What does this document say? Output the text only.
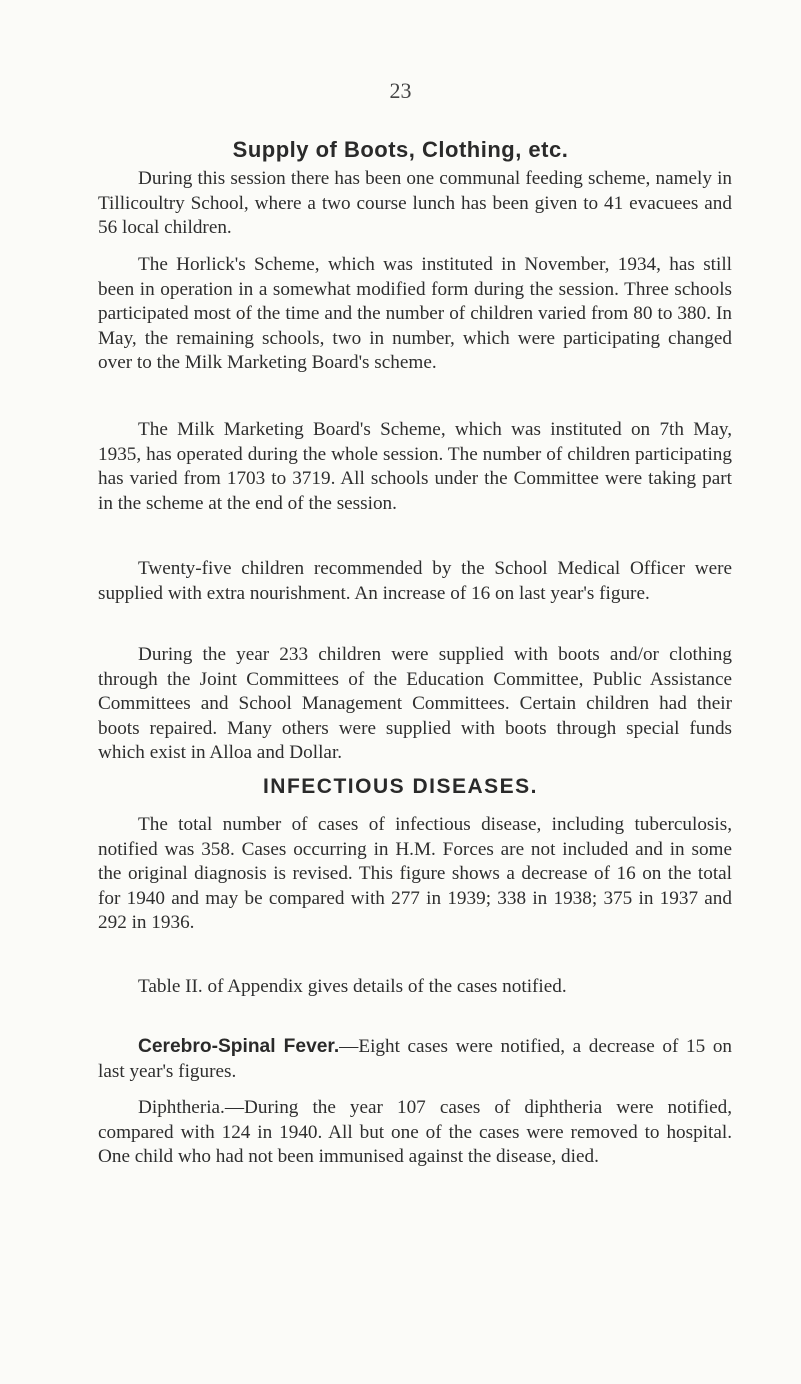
23
Supply of Boots, Clothing, etc.

During this session there has been one communal feeding scheme, namely in Tillicoultry School, where a two course lunch has been given to 41 evacuees and 56 local children.

The Horlick's Scheme, which was instituted in November, 1934, has still been in operation in a somewhat modified form during the session. Three schools participated most of the time and the number of children varied from 80 to 380. In May, the remaining schools, two in number, which were participating changed over to the Milk Marketing Board's scheme.

The Milk Marketing Board's Scheme, which was instituted on 7th May, 1935, has operated during the whole session. The number of children participating has varied from 1703 to 3719. All schools under the Committee were taking part in the scheme at the end of the session.

Twenty-five children recommended by the School Medical Officer were supplied with extra nourishment. An increase of 16 on last year's figure.

During the year 233 children were supplied with boots and/or clothing through the Joint Committees of the Education Committee, Public Assistance Committees and School Management Committees. Certain children had their boots repaired. Many others were supplied with boots through special funds which exist in Alloa and Dollar.

INFECTIOUS DISEASES.

The total number of cases of infectious disease, including tuberculosis, notified was 358. Cases occurring in H.M. Forces are not included and in some the original diagnosis is revised. This figure shows a decrease of 16 on the total for 1940 and may be compared with 277 in 1939; 338 in 1938; 375 in 1937 and 292 in 1936.

Table II. of Appendix gives details of the cases notified.

Cerebro-Spinal Fever.—Eight cases were notified, a decrease of 15 on last year's figures.

Diphtheria.—During the year 107 cases of diphtheria were notified, compared with 124 in 1940. All but one of the cases were removed to hospital. One child who had not been immunised against the disease, died.
